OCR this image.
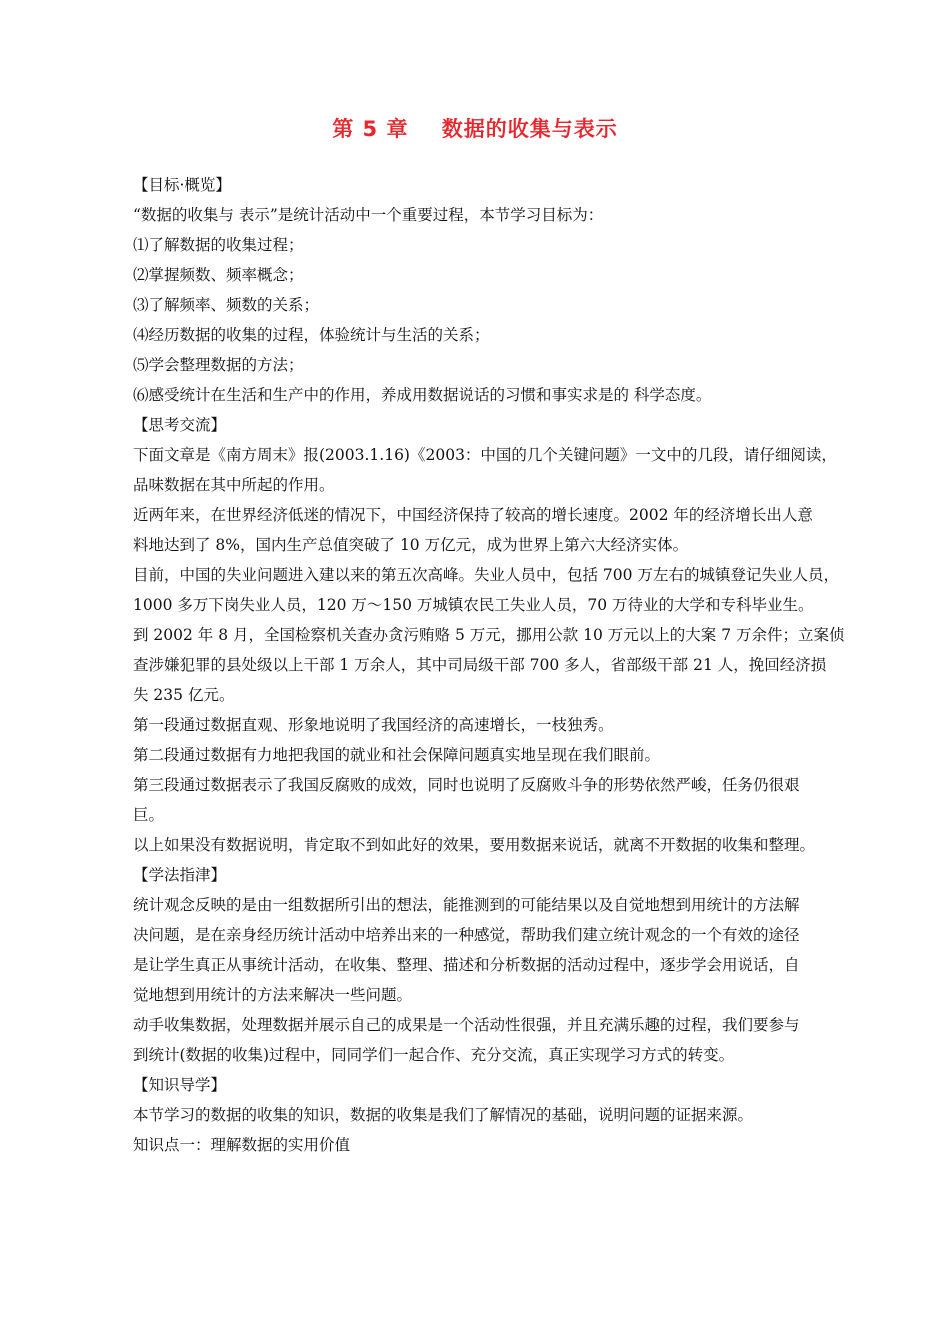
第 5 章    数据的收集与表示
【目标·概览】
“数据的收集与 表示”是统计活动中一个重要过程，本节学习目标为：
⑴了解数据的收集过程；
⑵掌握频数、频率概念；
⑶了解频率、频数的关系；
⑷经历数据的收集的过程，体验统计与生活的关系；
⑸学会整理数据的方法；
⑹感受统计在生活和生产中的作用，养成用数据说话的习惯和事实求是的 科学态度。
【思考交流】
下面文章是《南方周末》报(2003.1.16)《2003：中国的几个关键问题》一文中的几段，请仔细阅读，
品味数据在其中所起的作用。
近两年来，在世界经济低迷的情况下，中国经济保持了较高的增长速度。2002 年的经济增长出人意
料地达到了 8%，国内生产总值突破了 10 万亿元，成为世界上第六大经济实体。
目前，中国的失业问题进入建以来的第五次高峰。失业人员中，包括 700 万左右的城镇登记失业人员，
1000 多万下岗失业人员，120 万～150 万城镇农民工失业人员，70 万待业的大学和专科毕业生。
到 2002 年 8 月，全国检察机关查办贪污贿赂 5 万元，挪用公款 10 万元以上的大案 7 万余件；立案侦
查涉嫌犯罪的县处级以上干部 1 万余人，其中司局级干部 700 多人，省部级干部 21 人，挽回经济损
失 235 亿元。
第一段通过数据直观、形象地说明了我国经济的高速增长，一枝独秀。
第二段通过数据有力地把我国的就业和社会保障问题真实地呈现在我们眼前。
第三段通过数据表示了我国反腐败的成效，同时也说明了反腐败斗争的形势依然严峻，任务仍很艰
巨。
以上如果没有数据说明，肯定取不到如此好的效果，要用数据来说话，就离不开数据的收集和整理。
【学法指津】
统计观念反映的是由一组数据所引出的想法，能推测到的可能结果以及自觉地想到用统计的方法解
决问题，是在亲身经历统计活动中培养出来的一种感觉，帮助我们建立统计观念的一个有效的途径
是让学生真正从事统计活动，在收集、整理、描述和分析数据的活动过程中，逐步学会用说话，自
觉地想到用统计的方法来解决一些问题。
动手收集数据，处理数据并展示自己的成果是一个活动性很强，并且充满乐趣的过程，我们要参与
到统计(数据的收集)过程中，同同学们一起合作、充分交流，真正实现学习方式的转变。
【知识导学】
本节学习的数据的收集的知识，数据的收集是我们了解情况的基础，说明问题的证据来源。
知识点一：理解数据的实用价值
